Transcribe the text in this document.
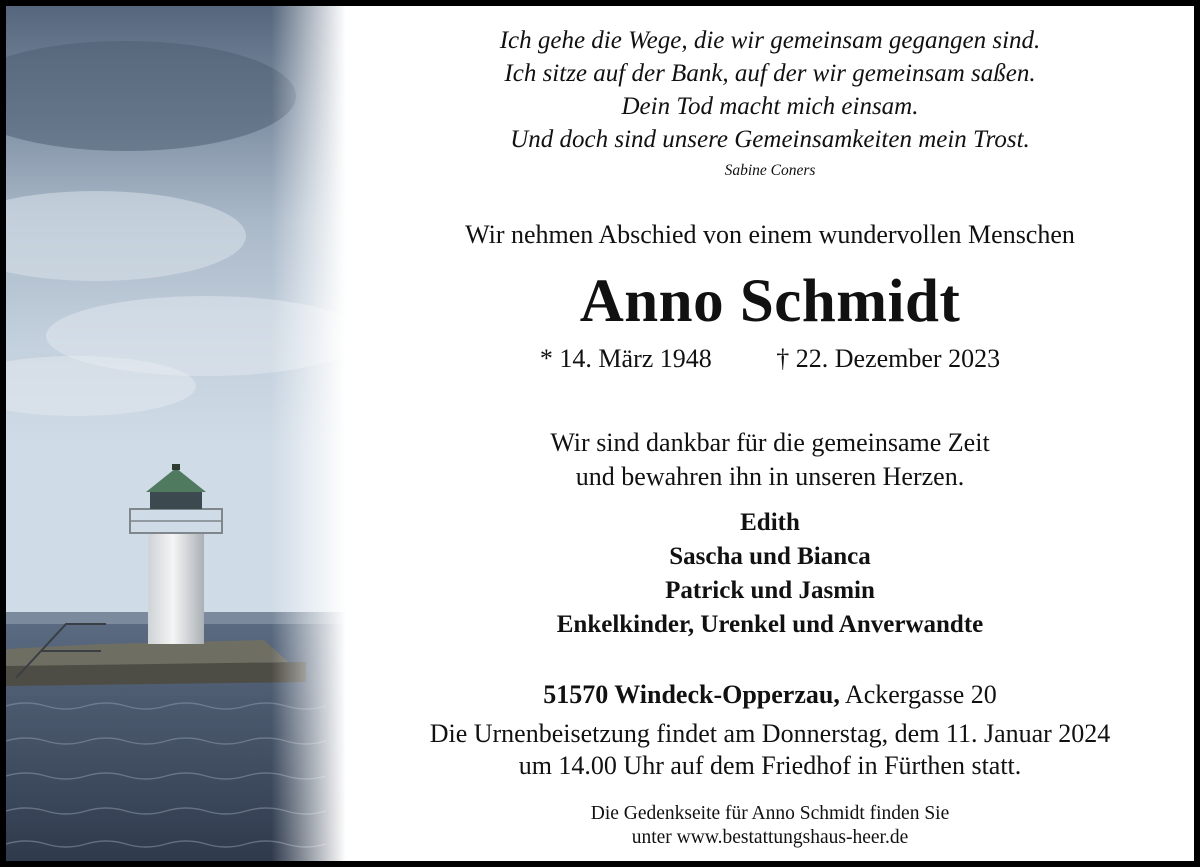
Ich gehe die Wege, die wir gemeinsam gegangen sind.
Ich sitze auf der Bank, auf der wir gemeinsam saßen.
Dein Tod macht mich einsam.
Und doch sind unsere Gemeinsamkeiten mein Trost.
Sabine Coners
Wir nehmen Abschied von einem wundervollen Menschen
Anno Schmidt
* 14. März 1948 † 22. Dezember 2023
Wir sind dankbar für die gemeinsame Zeit
und bewahren ihn in unseren Herzen.
Edith
Sascha und Bianca
Patrick und Jasmin
Enkelkinder, Urenkel und Anverwandte
51570 Windeck-Opperzau, Ackergasse 20
Die Urnenbeisetzung findet am Donnerstag, dem 11. Januar 2024
um 14.00 Uhr auf dem Friedhof in Fürthen statt.
Die Gedenkseite für Anno Schmidt finden Sie
unter www.bestattungshaus-heer.de
